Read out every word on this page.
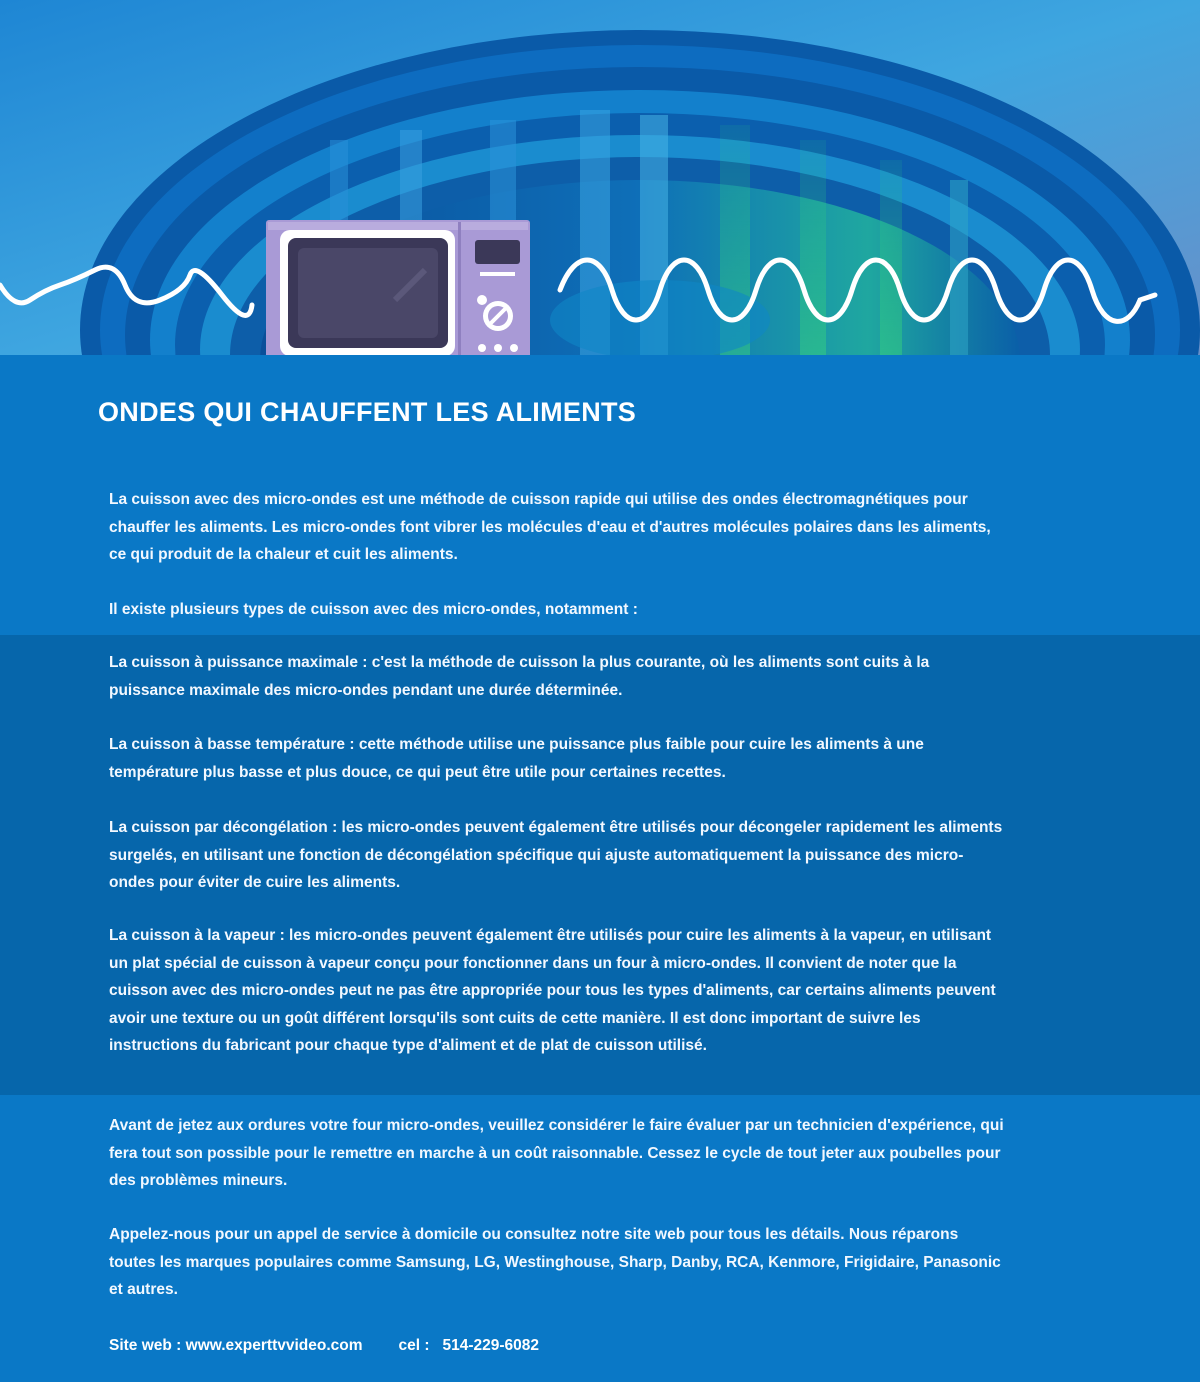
ONDES QUI CHAUFFENT LES ALIMENTS

La cuisson avec des micro-ondes est une méthode de cuisson rapide qui utilise des ondes électromagnétiques pour chauffer les aliments. Les micro-ondes font vibrer les molécules d'eau et d'autres molécules polaires dans les aliments, ce qui produit de la chaleur et cuit les aliments.

Il existe plusieurs types de cuisson avec des micro-ondes, notamment :

La cuisson à puissance maximale : c'est la méthode de cuisson la plus courante, où les aliments sont cuits à la puissance maximale des micro-ondes pendant une durée déterminée.

La cuisson à basse température : cette méthode utilise une puissance plus faible pour cuire les aliments à une température plus basse et plus douce, ce qui peut être utile pour certaines recettes.

La cuisson par décongélation : les micro-ondes peuvent également être utilisés pour décongeler rapidement les aliments surgelés, en utilisant une fonction de décongélation spécifique qui ajuste automatiquement la puissance des micro-ondes pour éviter de cuire les aliments.

La cuisson à la vapeur : les micro-ondes peuvent également être utilisés pour cuire les aliments à la vapeur, en utilisant un plat spécial de cuisson à vapeur conçu pour fonctionner dans un four à micro-ondes. Il convient de noter que la cuisson avec des micro-ondes peut ne pas être appropriée pour tous les types d'aliments, car certains aliments peuvent avoir une texture ou un goût différent lorsqu'ils sont cuits de cette manière. Il est donc important de suivre les instructions du fabricant pour chaque type d'aliment et de plat de cuisson utilisé.

Avant de jetez aux ordures votre four micro-ondes, veuillez considérer le faire évaluer par un technicien d'expérience, qui fera tout son possible pour le remettre en marche à un coût raisonnable. Cessez le cycle de tout jeter aux poubelles pour des problèmes mineurs.

Appelez-nous pour un appel de service à domicile ou consultez notre site web pour tous les détails. Nous réparons toutes les marques populaires comme Samsung, LG, Westinghouse, Sharp, Danby, RCA, Kenmore, Frigidaire, Panasonic et autres.

Site web : www.experttvvideo.com cel :   514-229-6082
